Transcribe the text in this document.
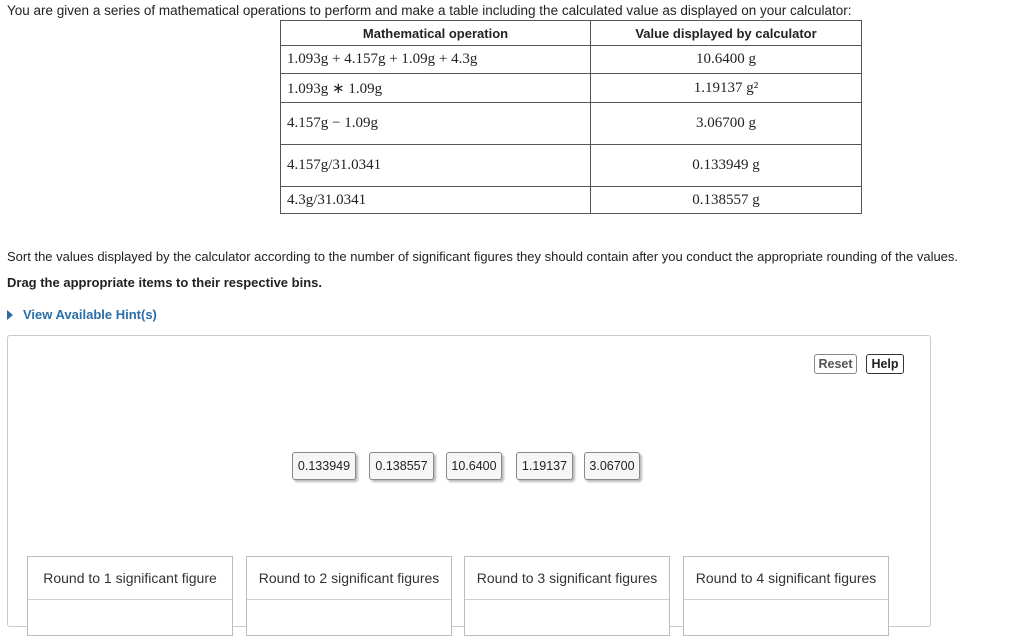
You are given a series of mathematical operations to perform and make a table including the calculated value as displayed on your calculator:
Mathematical operation	Value displayed by calculator
1.093g + 4.157g + 1.09g + 4.3g	10.6400 g
1.093g ∗ 1.09g	1.19137 g²
4.157g − 1.09g	3.06700 g
4.157g/31.0341	0.133949 g
4.3g/31.0341	0.138557 g
Sort the values displayed by the calculator according to the number of significant figures they should contain after you conduct the appropriate rounding of the values.
Drag the appropriate items to their respective bins.
View Available Hint(s)
Reset	Help
0.133949	0.138557	10.6400	1.19137	3.06700
Round to 1 significant figure	Round to 2 significant figures	Round to 3 significant figures	Round to 4 significant figures
